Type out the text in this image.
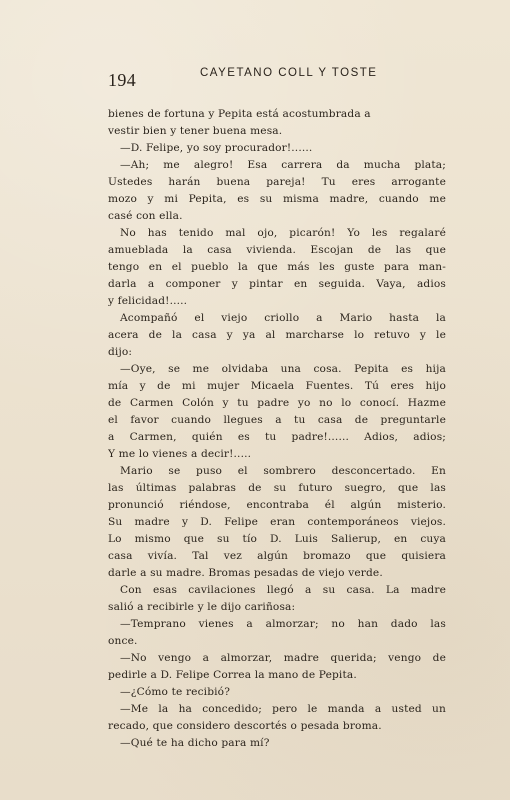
194	CAYETANO COLL Y TOSTE
bienes de fortuna y Pepita está acostumbrada a
vestir bien y tener buena mesa.
—D. Felipe, yo soy procurador!......
—Ah; me alegro! Esa carrera da mucha plata;
Ustedes harán buena pareja! Tu eres arrogante
mozo y mi Pepita, es su misma madre, cuando me
casé con ella.
No has tenido mal ojo, picarón! Yo les regalaré
amueblada la casa vivienda. Escojan de las que
tengo en el pueblo la que más les guste para man-
darla a componer y pintar en seguida. Vaya, adios
y felicidad!.....
Acompañó el viejo criollo a Mario hasta la
acera de la casa y ya al marcharse lo retuvo y le
dijo:
—Oye, se me olvidaba una cosa. Pepita es hija
mía y de mi mujer Micaela Fuentes. Tú eres hijo
de Carmen Colón y tu padre yo no lo conocí. Hazme
el favor cuando llegues a tu casa de preguntarle
a Carmen, quién es tu padre!...... Adios, adios;
Y me lo vienes a decir!.....
Mario se puso el sombrero desconcertado. En
las últimas palabras de su futuro suegro, que las
pronunció riéndose, encontraba él algún misterio.
Su madre y D. Felipe eran contemporáneos viejos.
Lo mismo que su tío D. Luis Salierup, en cuya
casa vivía. Tal vez algún bromazo que quisiera
darle a su madre. Bromas pesadas de viejo verde.
Con esas cavilaciones llegó a su casa. La madre
salió a recibirle y le dijo cariñosa:
—Temprano vienes a almorzar; no han dado las
once.
—No vengo a almorzar, madre querida; vengo de
pedirle a D. Felipe Correa la mano de Pepita.
—¿Cómo te recibió?
—Me la ha concedido; pero le manda a usted un
recado, que considero descortés o pesada broma.
—Qué te ha dicho para mí?
